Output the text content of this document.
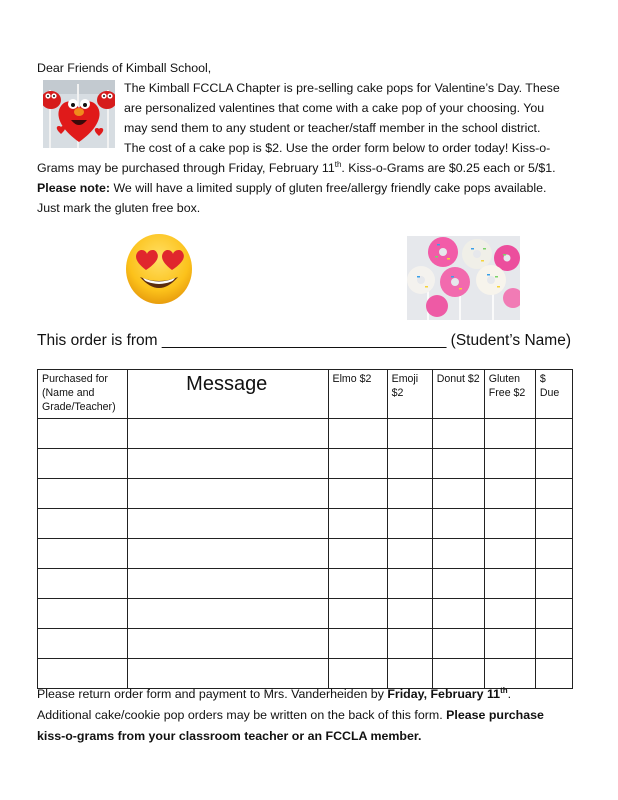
Dear Friends of Kimball School,
The Kimball FCCLA Chapter is pre-selling cake pops for Valentine’s Day. These
are personalized valentines that come with a cake pop of your choosing. You
may send them to any student or teacher/staff member in the school district.
The cost of a cake pop is $2. Use the order form below to order today! Kiss-o-
Grams may be purchased through Friday, February 11th. Kiss-o-Grams are $0.25 each or 5/$1.
Please note: We will have a limited supply of gluten free/allergy friendly cake pops available.
Just mark the gluten free box.
This order is from _________________________________ (Student’s Name)
Purchased for (Name and Grade/Teacher)	Message	Elmo $2	Emoji $2	Donut $2	Gluten Free $2	$ Due

Please return order form and payment to Mrs. Vanderheiden by Friday, February 11th.
Additional cake/cookie pop orders may be written on the back of this form. Please purchase
kiss-o-grams from your classroom teacher or an FCCLA member.
